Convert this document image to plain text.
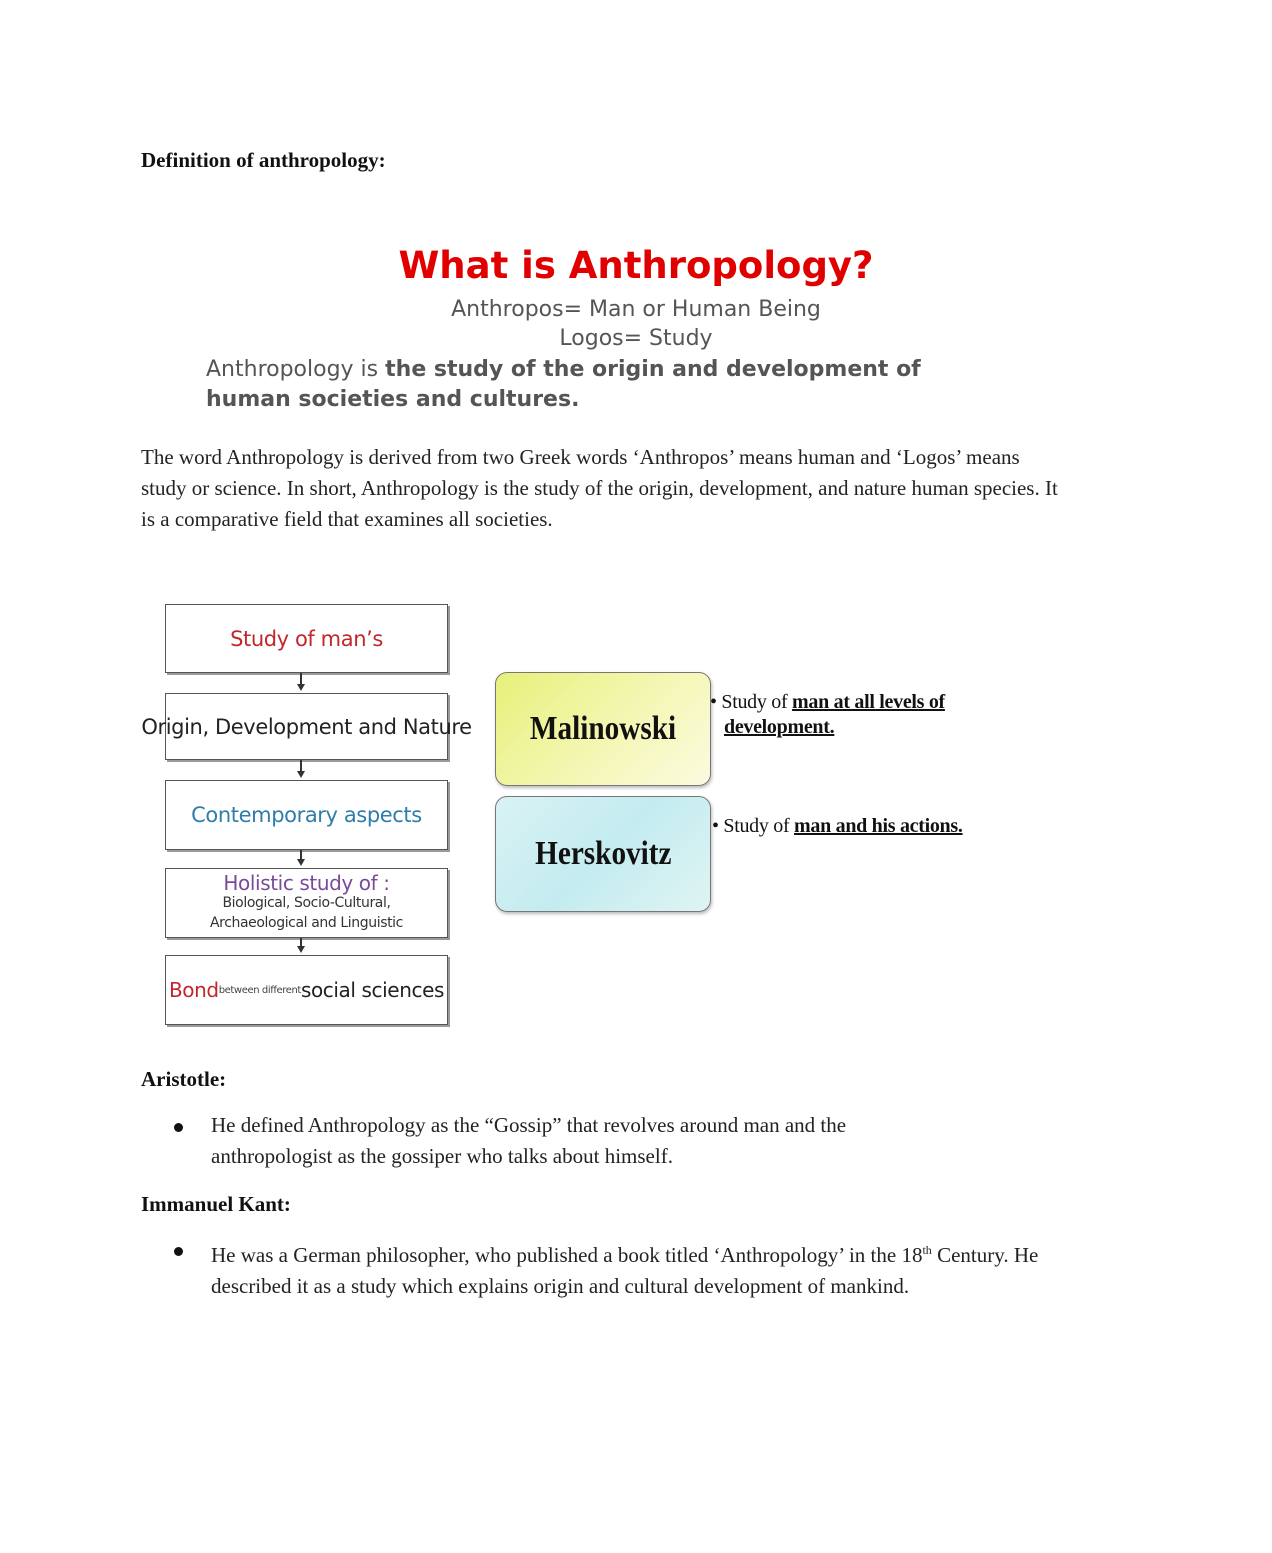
Definition of anthropology:
What is Anthropology?
Anthropos= Man or Human Being
Logos= Study
Anthropology is the study of the origin and development of human societies and cultures.
The word Anthropology is derived from two Greek words ‘Anthropos’ means human and ‘Logos’ means study or science. In short, Anthropology is the study of the origin, development, and nature human species. It is a comparative field that examines all societies.
Study of man’s
Origin, Development and Nature
Contemporary aspects
Holistic study of :
Biological, Socio-Cultural,
Archaeological and Linguistic
Bond between different social sciences
Malinowski
• Study of man at all levels of
development.
Herskovitz
• Study of man and his actions.
Aristotle:
He defined Anthropology as the “Gossip” that revolves around man and the anthropologist as the gossiper who talks about himself.
Immanuel Kant:
He was a German philosopher, who published a book titled ‘Anthropology’ in the 18th Century. He described it as a study which explains origin and cultural development of mankind.
